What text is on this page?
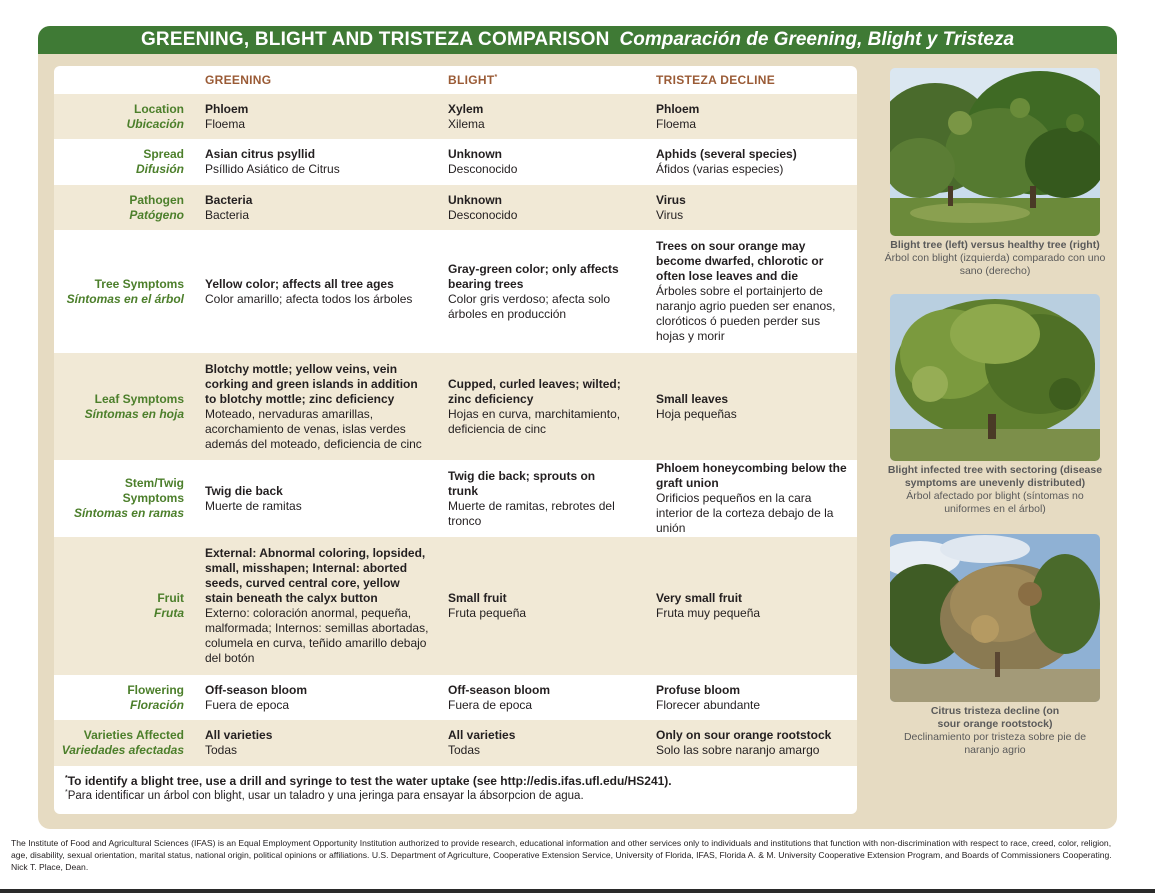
GREENING, BLIGHT AND TRISTEZA COMPARISON Comparación de Greening, Blight y Tristeza
GREENING	BLIGHT*	TRISTEZA DECLINE
Location
Ubicación
Phloem
Floema
Xylem
Xilema
Phloem
Floema
Spread
Difusión
Asian citrus psyllid
Psíllido Asiático de Citrus
Unknown
Desconocido
Aphids (several species)
Áfidos (varias especies)
Pathogen
Patógeno
Bacteria
Bacteria
Unknown
Desconocido
Virus
Virus
Tree Symptoms
Síntomas en el árbol
Yellow color; affects all tree ages
Color amarillo; afecta todos los árboles
Gray-green color; only affects bearing trees
Color gris verdoso; afecta solo árboles en producción
Trees on sour orange may become dwarfed, chlorotic or often lose leaves and die
Árboles sobre el portainjerto de naranjo agrio pueden ser enanos, cloróticos ó pueden perder sus hojas y morir
Leaf Symptoms
Síntomas en hoja
Blotchy mottle; yellow veins, vein corking and green islands in addition to blotchy mottle; zinc deficiency
Moteado, nervaduras amarillas, acorchamiento de venas, islas verdes además del moteado, deficiencia de cinc
Cupped, curled leaves; wilted; zinc deficiency
Hojas en curva, marchitamiento, deficiencia de cinc
Small leaves
Hoja pequeñas
Stem/Twig Symptoms
Síntomas en ramas
Twig die back
Muerte de ramitas
Twig die back; sprouts on trunk
Muerte de ramitas, rebrotes del tronco
Phloem honeycombing below the graft union
Orificios pequeños en la cara interior de la corteza debajo de la unión
Fruit
Fruta
External: Abnormal coloring, lopsided, small, misshapen; Internal: aborted seeds, curved central core, yellow stain beneath the calyx button
Externo: coloración anormal, pequeña, malformada; Internos: semillas abortadas, columela en curva, teñido amarillo debajo del botón
Small fruit
Fruta pequeña
Very small fruit
Fruta muy pequeña
Flowering
Floración
Off-season bloom
Fuera de epoca
Off-season bloom
Fuera de epoca
Profuse bloom
Florecer abundante
Varieties Affected
Variedades afectadas
All varieties
Todas
All varieties
Todas
Only on sour orange rootstock
Solo las sobre naranjo amargo
*To identify a blight tree, use a drill and syringe to test the water uptake (see http://edis.ifas.ufl.edu/HS241).
*Para identificar un árbol con blight, usar un taladro y una jeringa para ensayar la ábsorpcion de agua.
Blight tree (left) versus healthy tree (right)
Árbol con blight (izquierda) comparado con uno sano (derecho)
Blight infected tree with sectoring (disease symptoms are unevenly distributed)
Árbol afectado por blight (síntomas no uniformes en el árbol)
Citrus tristeza decline (on sour orange rootstock)
Declinamiento por tristeza sobre pie de naranjo agrio
The Institute of Food and Agricultural Sciences (IFAS) is an Equal Employment Opportunity Institution authorized to provide research, educational information and other services only to individuals and institutions that function with non-discrimination with respect to race, creed, color, religion, age, disability, sexual orientation, marital status, national origin, political opinions or affiliations. U.S. Department of Agriculture, Cooperative Extension Service, University of Florida, IFAS, Florida A. & M. University Cooperative Extension Program, and Boards of Commissioners Cooperating. Nick T. Place, Dean.
